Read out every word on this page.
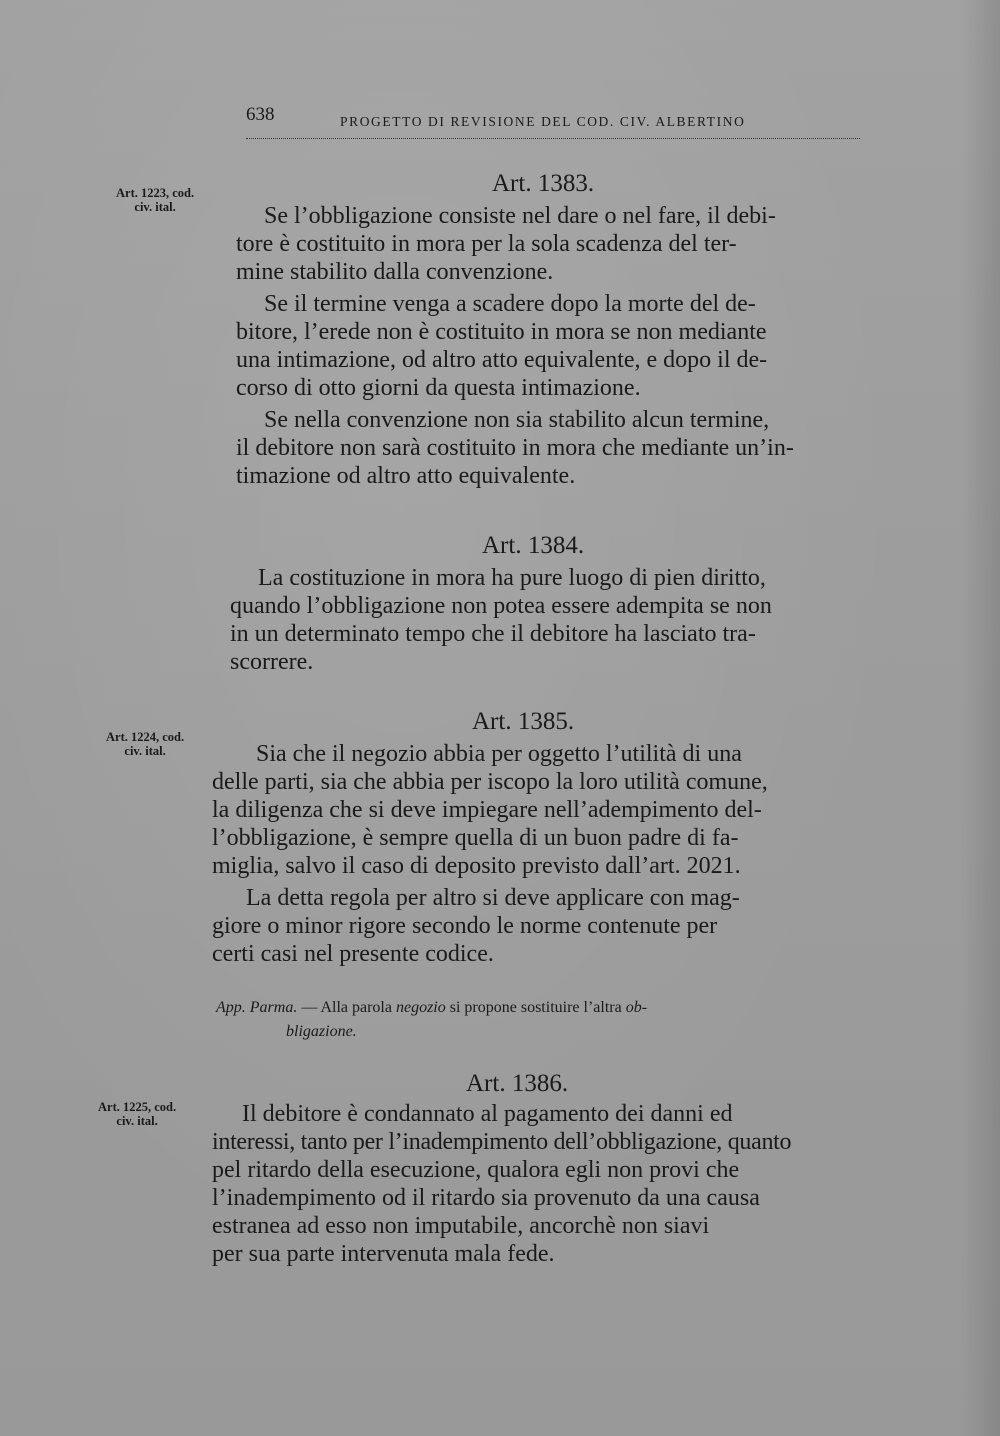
638	PROGETTO DI REVISIONE DEL COD. CIV. ALBERTINO
Art. 1223, cod.
civ. ital.
Art. 1383.
Se l’obbligazione consiste nel dare o nel fare, il debi-
tore è costituito in mora per la sola scadenza del ter-
mine stabilito dalla convenzione.
Se il termine venga a scadere dopo la morte del de-
bitore, l’erede non è costituito in mora se non mediante
una intimazione, od altro atto equivalente, e dopo il de-
corso di otto giorni da questa intimazione.
Se nella convenzione non sia stabilito alcun termine,
il debitore non sarà costituito in mora che mediante un’in-
timazione od altro atto equivalente.
Art. 1384.
La costituzione in mora ha pure luogo di pien diritto,
quando l’obbligazione non potea essere adempita se non
in un determinato tempo che il debitore ha lasciato tra-
scorrere.
Art. 1224, cod.
civ. ital.
Art. 1385.
Sia che il negozio abbia per oggetto l’utilità di una
delle parti, sia che abbia per iscopo la loro utilità comune,
la diligenza che si deve impiegare nell’adempimento del-
l’obbligazione, è sempre quella di un buon padre di fa-
miglia, salvo il caso di deposito previsto dall’art. 2021.
La detta regola per altro si deve applicare con mag-
giore o minor rigore secondo le norme contenute per
certi casi nel presente codice.
App. Parma. — Alla parola negozio si propone sostituire l’altra ob-
bligazione.
Art. 1225, cod.
civ. ital.
Art. 1386.
Il debitore è condannato al pagamento dei danni ed
interessi, tanto per l’inadempimento dell’obbligazione, quanto
pel ritardo della esecuzione, qualora egli non provi che
l’inadempimento od il ritardo sia provenuto da una causa
estranea ad esso non imputabile, ancorchè non siavi
per sua parte intervenuta mala fede.
